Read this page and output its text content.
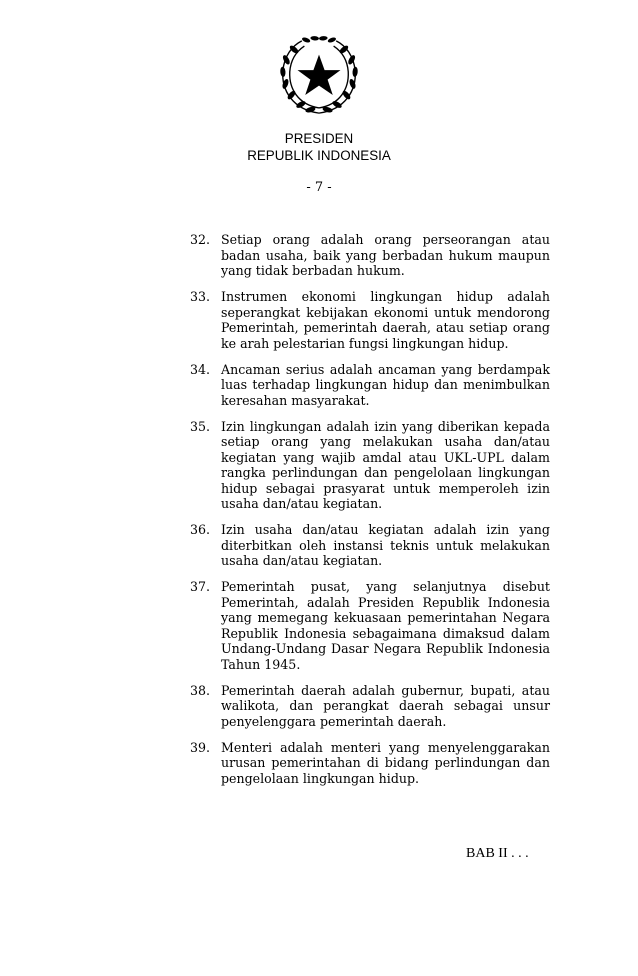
PRESIDEN
REPUBLIK INDONESIA
- 7 -
32. Setiap orang adalah orang perseorangan atau badan usaha, baik yang berbadan hukum maupun yang tidak berbadan hukum.
33. Instrumen ekonomi lingkungan hidup adalah seperangkat kebijakan ekonomi untuk mendorong Pemerintah, pemerintah daerah, atau setiap orang ke arah pelestarian fungsi lingkungan hidup.
34. Ancaman serius adalah ancaman yang berdampak luas terhadap lingkungan hidup dan menimbulkan keresahan masyarakat.
35. Izin lingkungan adalah izin yang diberikan kepada setiap orang yang melakukan usaha dan/atau kegiatan yang wajib amdal atau UKL-UPL dalam rangka perlindungan dan pengelolaan lingkungan hidup sebagai prasyarat untuk memperoleh izin usaha dan/atau kegiatan.
36. Izin usaha dan/atau kegiatan adalah izin yang diterbitkan oleh instansi teknis untuk melakukan usaha dan/atau kegiatan.
37. Pemerintah pusat, yang selanjutnya disebut Pemerintah, adalah Presiden Republik Indonesia yang memegang kekuasaan pemerintahan Negara Republik Indonesia sebagaimana dimaksud dalam Undang-Undang Dasar Negara Republik Indonesia Tahun 1945.
38. Pemerintah daerah adalah gubernur, bupati, atau walikota, dan perangkat daerah sebagai unsur penyelenggara pemerintah daerah.
39. Menteri adalah menteri yang menyelenggarakan urusan pemerintahan di bidang perlindungan dan pengelolaan lingkungan hidup.
BAB II . . .
